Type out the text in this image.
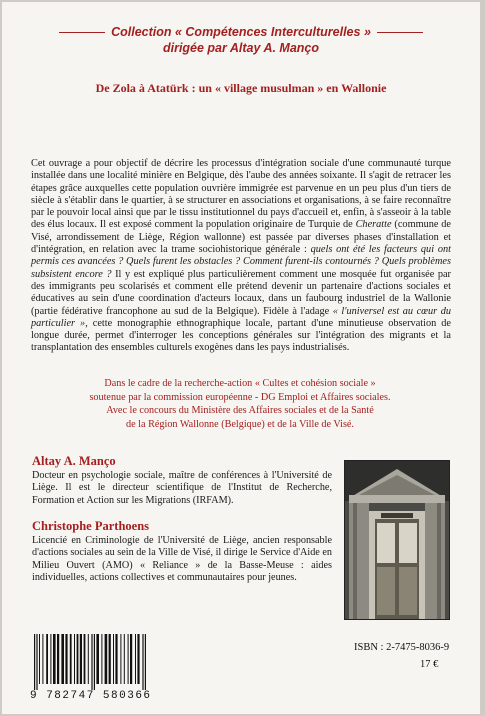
Collection « Compétences Interculturelles »
dirigée par Altay A. Manço
De Zola à Atatürk : un « village musulman » en Wallonie
Cet ouvrage a pour objectif de décrire les processus d'intégration sociale d'une communauté turque installée dans une localité minière en Belgique, dès l'aube des années soixante. Il s'agit de retracer les étapes grâce auxquelles cette population ouvrière immigrée est parvenue en un peu plus d'un tiers de siècle à s'établir dans le quartier, à se structurer en associations et organisations, à se faire reconnaître par le pouvoir local ainsi que par le tissu institutionnel du pays d'accueil et, enfin, à s'asseoir à la table des élus locaux. Il est exposé comment la population originaire de Turquie de Cheratte (commune de Visé, arrondissement de Liège, Région wallonne) est passée par diverses phases d'installation et d'intégration, en relation avec la trame sociohistorique générale : quels ont été les facteurs qui ont permis ces avancées ? Quels furent les obstacles ? Comment furent-ils contournés ? Quels problèmes subsistent encore ? Il y est expliqué plus particulièrement comment une mosquée fut organisée par des immigrants peu scolarisés et comment elle prétend devenir un partenaire d'actions sociales et éducatives au sein d'une coordination d'acteurs locaux, dans un faubourg industriel de la Wallonie (partie fédérative francophone au sud de la Belgique). Fidèle à l'adage « l'universel est au cœur du particulier », cette monographie ethnographique locale, partant d'une minutieuse observation de longue durée, permet d'interroger les conceptions générales sur l'intégration des migrants et la transplantation des ensembles culturels exogènes dans les pays industrialisés.
Dans le cadre de la recherche-action « Cultes et cohésion sociale »
soutenue par la commission européenne - DG Emploi et Affaires sociales.
Avec le concours du Ministère des Affaires sociales et de la Santé
de la Région Wallonne (Belgique) et de la Ville de Visé.
Altay A. Manço
Docteur en psychologie sociale, maître de conférences à l'Université de Liège. Il est le directeur scientifique de l'Institut de Recherche, Formation et Action sur les Migrations (IRFAM).
Christophe Parthoens
Licencié en Criminologie de l'Université de Liège, ancien responsable d'actions sociales au sein de la Ville de Visé, il dirige le Service d'Aide en Milieu Ouvert (AMO) « Reliance » de la Basse-Meuse : aides individuelles, actions collectives et communautaires pour jeunes.
ISBN : 2-7475-8036-9
17 €
9 782747 580366
